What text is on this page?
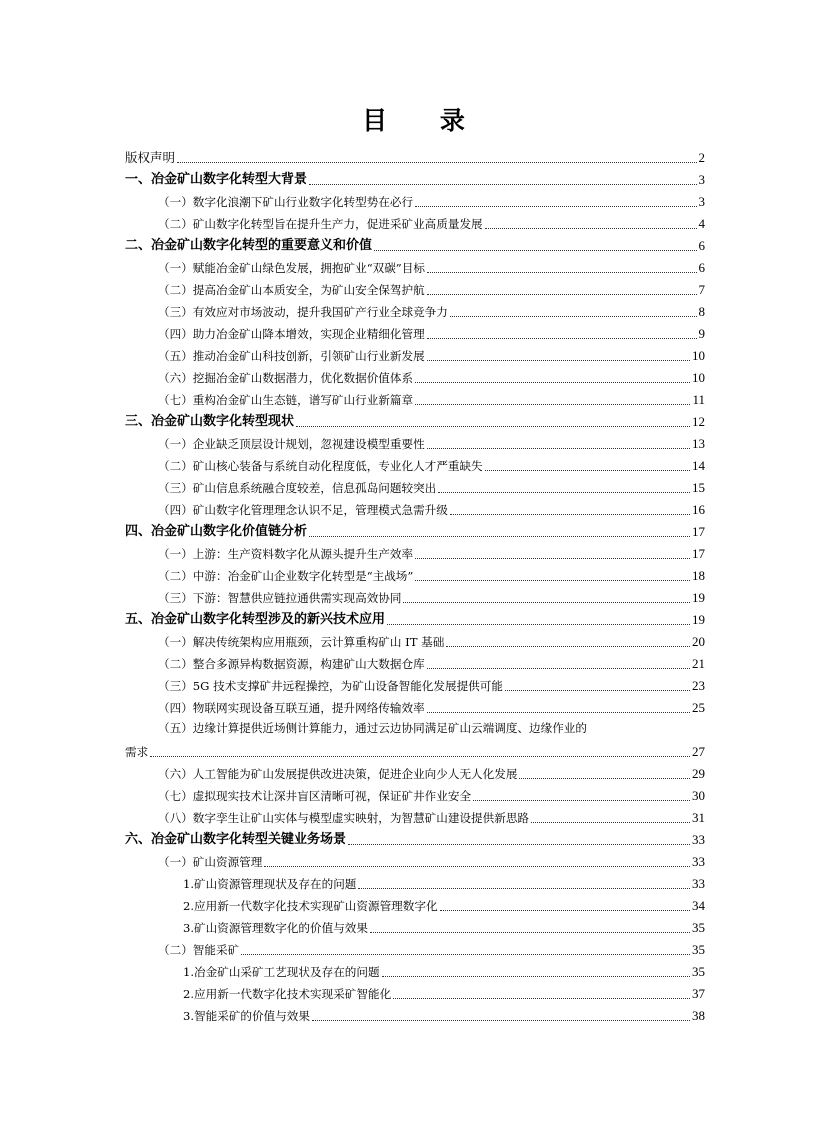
目 录
版权声明	2
一、冶金矿山数字化转型大背景	3
（一）数字化浪潮下矿山行业数字化转型势在必行	3
（二）矿山数字化转型旨在提升生产力，促进采矿业高质量发展	4
二、冶金矿山数字化转型的重要意义和价值	6
（一）赋能冶金矿山绿色发展，拥抱矿业“双碳”目标	6
（二）提高冶金矿山本质安全，为矿山安全保驾护航	7
（三）有效应对市场波动，提升我国矿产行业全球竞争力	8
（四）助力冶金矿山降本增效，实现企业精细化管理	9
（五）推动冶金矿山科技创新，引领矿山行业新发展	10
（六）挖掘冶金矿山数据潜力，优化数据价值体系	10
（七）重构冶金矿山生态链，谱写矿山行业新篇章	11
三、冶金矿山数字化转型现状	12
（一）企业缺乏顶层设计规划，忽视建设模型重要性	13
（二）矿山核心装备与系统自动化程度低，专业化人才严重缺失	14
（三）矿山信息系统融合度较差，信息孤岛问题较突出	15
（四）矿山数字化管理理念认识不足，管理模式急需升级	16
四、冶金矿山数字化价值链分析	17
（一）上游：生产资料数字化从源头提升生产效率	17
（二）中游：冶金矿山企业数字化转型是“主战场”	18
（三）下游：智慧供应链拉通供需实现高效协同	19
五、冶金矿山数字化转型涉及的新兴技术应用	19
（一）解决传统架构应用瓶颈，云计算重构矿山 IT 基础	20
（二）整合多源异构数据资源，构建矿山大数据仓库	21
（三）5G 技术支撑矿井远程操控，为矿山设备智能化发展提供可能	23
（四）物联网实现设备互联互通，提升网络传输效率	25
（五）边缘计算提供近场侧计算能力，通过云边协同满足矿山云端调度、边缘作业的
需求	27
（六）人工智能为矿山发展提供改进决策，促进企业向少人无人化发展	29
（七）虚拟现实技术让深井盲区清晰可视，保证矿井作业安全	30
（八）数字孪生让矿山实体与模型虚实映射，为智慧矿山建设提供新思路	31
六、冶金矿山数字化转型关键业务场景	33
（一）矿山资源管理	33
1.矿山资源管理现状及存在的问题	33
2.应用新一代数字化技术实现矿山资源管理数字化	34
3.矿山资源管理数字化的价值与效果	35
（二）智能采矿	35
1.冶金矿山采矿工艺现状及存在的问题	35
2.应用新一代数字化技术实现采矿智能化	37
3.智能采矿的价值与效果	38
